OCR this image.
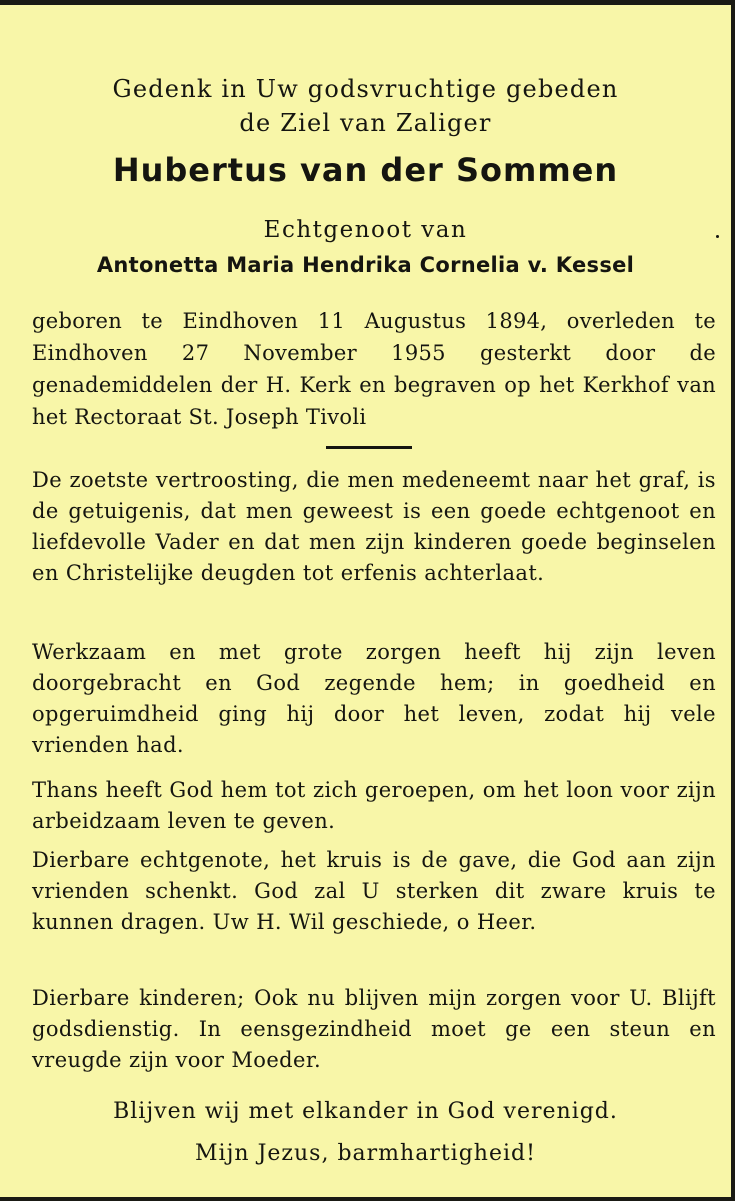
Gedenk in Uw godsvruchtige gebeden
de Ziel van Zaliger
Hubertus van der Sommen
Echtgenoot van
Antonetta Maria Hendrika Cornelia v. Kessel
geboren te Eindhoven 11 Augustus 1894, overleden te Eindhoven 27 November 1955 gesterkt door de genademiddelen der H. Kerk en begraven op het Kerkhof van het Rectoraat St. Joseph Tivoli
De zoetste vertroosting, die men medeneemt naar het graf, is de getuigenis, dat men geweest is een goede echtgenoot en liefdevolle Vader en dat men zijn kinderen goede beginselen en Christelijke deugden tot erfenis achterlaat.
Werkzaam en met grote zorgen heeft hij zijn leven doorgebracht en God zegende hem; in goedheid en opgeruimdheid ging hij door het leven, zodat hij vele vrienden had.
Thans heeft God hem tot zich geroepen, om het loon voor zijn arbeidzaam leven te geven.
Dierbare echtgenote, het kruis is de gave, die God aan zijn vrienden schenkt. God zal U sterken dit zware kruis te kunnen dragen. Uw H. Wil geschiede, o Heer.
Dierbare kinderen; Ook nu blijven mijn zorgen voor U. Blijft godsdienstig. In eensgezindheid moet ge een steun en vreugde zijn voor Moeder.
Blijven wij met elkander in God verenigd.
Mijn Jezus, barmhartigheid!
